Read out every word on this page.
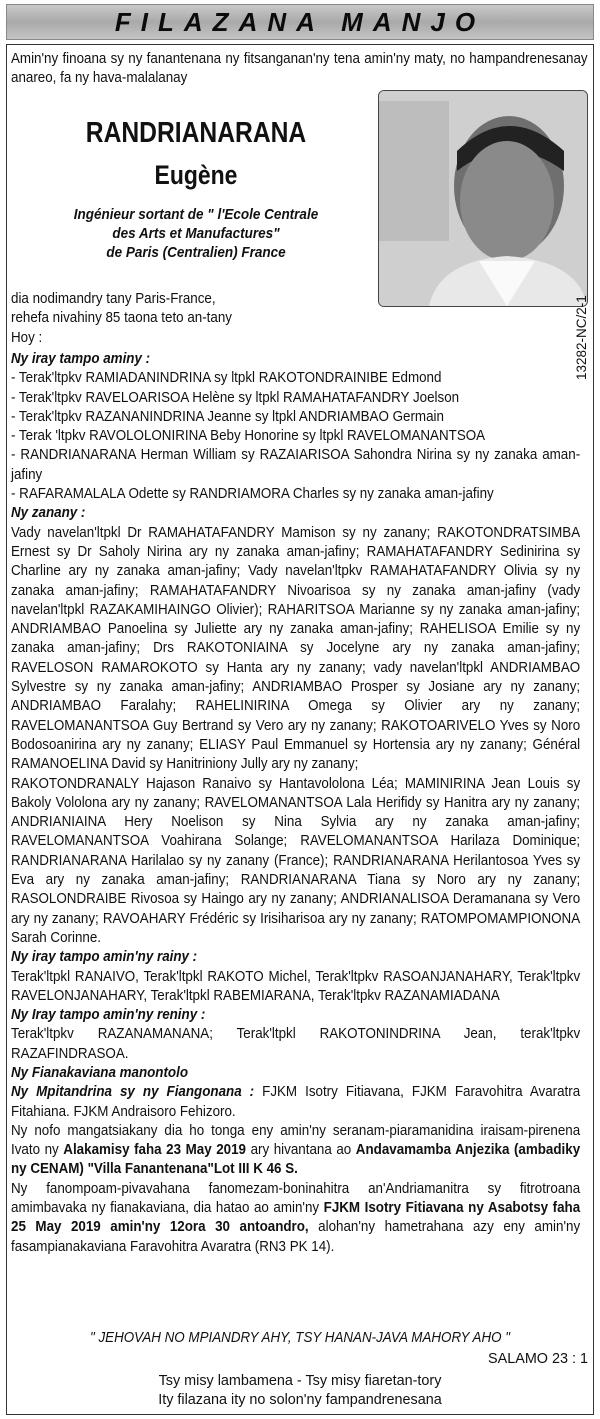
FILAZANA MANJO
Amin'ny finoana sy ny fanantenana ny fitsanganan'ny tena amin'ny maty, no hampandrenesanay anareo, fa ny hava-malalanay
RANDRIANARANA
Eugène
Ingénieur sortant de " l'Ecole Centrale
des Arts et Manufactures"
de Paris (Centralien) France
13282-NC/2-1
dia nodimandry tany Paris-France,
rehefa nivahiny 85 taona teto an-tany
Hoy :
Ny iray tampo aminy :
- Terak'ltpkv RAMIADANINDRINA sy ltpkl RAKOTONDRAINIBE Edmond
- Terak'ltpkv RAVELOARISOA Helène sy ltpkl RAMAHATAFANDRY Joelson
- Terak'ltpkv RAZANANINDRINA Jeanne sy ltpkl ANDRIAMBAO Germain
- Terak 'ltpkv RAVOLOLONIRINA Beby Honorine sy ltpkl RAVELOMANANTSOA
- RANDRIANARANA Herman William sy RAZAIARISOA Sahondra Nirina sy ny zanaka aman-jafiny
- RAFARAMALALA Odette sy RANDRIAMORA Charles sy ny zanaka aman-jafiny
Ny zanany :
Vady navelan'ltpkl Dr RAMAHATAFANDRY Mamison sy ny zanany; RAKOTONDRATSIMBA Ernest sy Dr Saholy Nirina ary ny zanaka aman-jafiny; RAMAHATAFANDRY Sedinirina sy Charline ary ny zanaka aman-jafiny; Vady navelan'ltpkv RAMAHATAFANDRY Olivia sy ny zanaka aman-jafiny; RAMAHATAFANDRY Nivoarisoa sy ny zanaka aman-jafiny (vady navelan'ltpkl RAZAKAMIHAINGO Olivier); RAHARITSOA Marianne sy ny zanaka aman-jafiny; ANDRIAMBAO Panoelina sy Juliette ary ny zanaka aman-jafiny; RAHELISOA Emilie sy ny zanaka aman-jafiny; Drs RAKOTONIAINA sy Jocelyne ary ny zanaka aman-jafiny; RAVELOSON RAMAROKOTO sy Hanta ary ny zanany; vady navelan'ltpkl ANDRIAMBAO Sylvestre sy ny zanaka aman-jafiny; ANDRIAMBAO Prosper sy Josiane ary ny zanany; ANDRIAMBAO Faralahy; RAHELINIRINA Omega sy Olivier ary ny zanany; RAVELOMANANTSOA Guy Bertrand sy Vero ary ny zanany; RAKOTOARIVELO Yves sy Noro Bodosoanirina ary ny zanany; ELIASY Paul Emmanuel sy Hortensia ary ny zanany; Général RAMANOELINA David sy Hanitriniony Jully ary ny zanany;
RAKOTONDRANALY Hajason Ranaivo sy Hantavololona Léa; MAMINIRINA Jean Louis sy Bakoly Vololona ary ny zanany; RAVELOMANANTSOA Lala Herifidy sy Hanitra ary ny zanany; ANDRIANIAINA Hery Noelison sy Nina Sylvia ary ny zanaka aman-jafiny; RAVELOMANANTSOA Voahirana Solange; RAVELOMANANTSOA Harilaza Dominique; RANDRIANARANA Harilalao sy ny zanany (France); RANDRIANARANA Herilantosoa Yves sy Eva ary ny zanaka aman-jafiny; RANDRIANARANA Tiana sy Noro ary ny zanany; RASOLONDRAIBE Rivosoa sy Haingo ary ny zanany; ANDRIANALISOA Deramanana sy Vero ary ny zanany; RAVOAHARY Frédéric sy Irisiharisoa ary ny zanany; RATOMPOMAMPIONONA Sarah Corinne.
Ny iray tampo amin'ny rainy :
Terak'ltpkl RANAIVO, Terak'ltpkl RAKOTO Michel, Terak'ltpkv RASOANJANAHARY, Terak'ltpkv RAVELONJANAHARY, Terak'ltpkl RABEMIARANA, Terak'ltpkv RAZANAMIADANA
Ny Iray tampo amin'ny reniny :
Terak'ltpkv RAZANAMANANA; Terak'ltpkl RAKOTONINDRINA Jean, terak'ltpkv RAZAFINDRASOA.
Ny Fianakaviana manontolo
Ny Mpitandrina sy ny Fiangonana : FJKM Isotry Fitiavana, FJKM Faravohitra Avaratra Fitahiana. FJKM Andraisoro Fehizoro.
Ny nofo mangatsiakany dia ho tonga eny amin'ny seranam-piaramanidina iraisam-pirenena Ivato ny Alakamisy faha 23 May 2019 ary hivantana ao Andavamamba Anjezika (ambadiky ny CENAM) "Villa Fanantenana"Lot III K 46 S.
Ny fanompoam-pivavahana fanomezam-boninahitra an'Andriamanitra sy fitrotroana amimbavaka ny fianakaviana, dia hatao ao amin'ny FJKM Isotry Fitiavana ny Asabotsy faha 25 May 2019 amin'ny 12ora 30 antoandro, alohan'ny hametrahana azy eny amin'ny fasampianakaviana Faravohitra Avaratra (RN3 PK 14).
" JEHOVAH NO MPIANDRY AHY, TSY HANAN-JAVA MAHORY AHO "
SALAMO 23 : 1
Tsy misy lambamena - Tsy misy fiaretan-tory
Ity filazana ity no solon'ny fampandrenesana
